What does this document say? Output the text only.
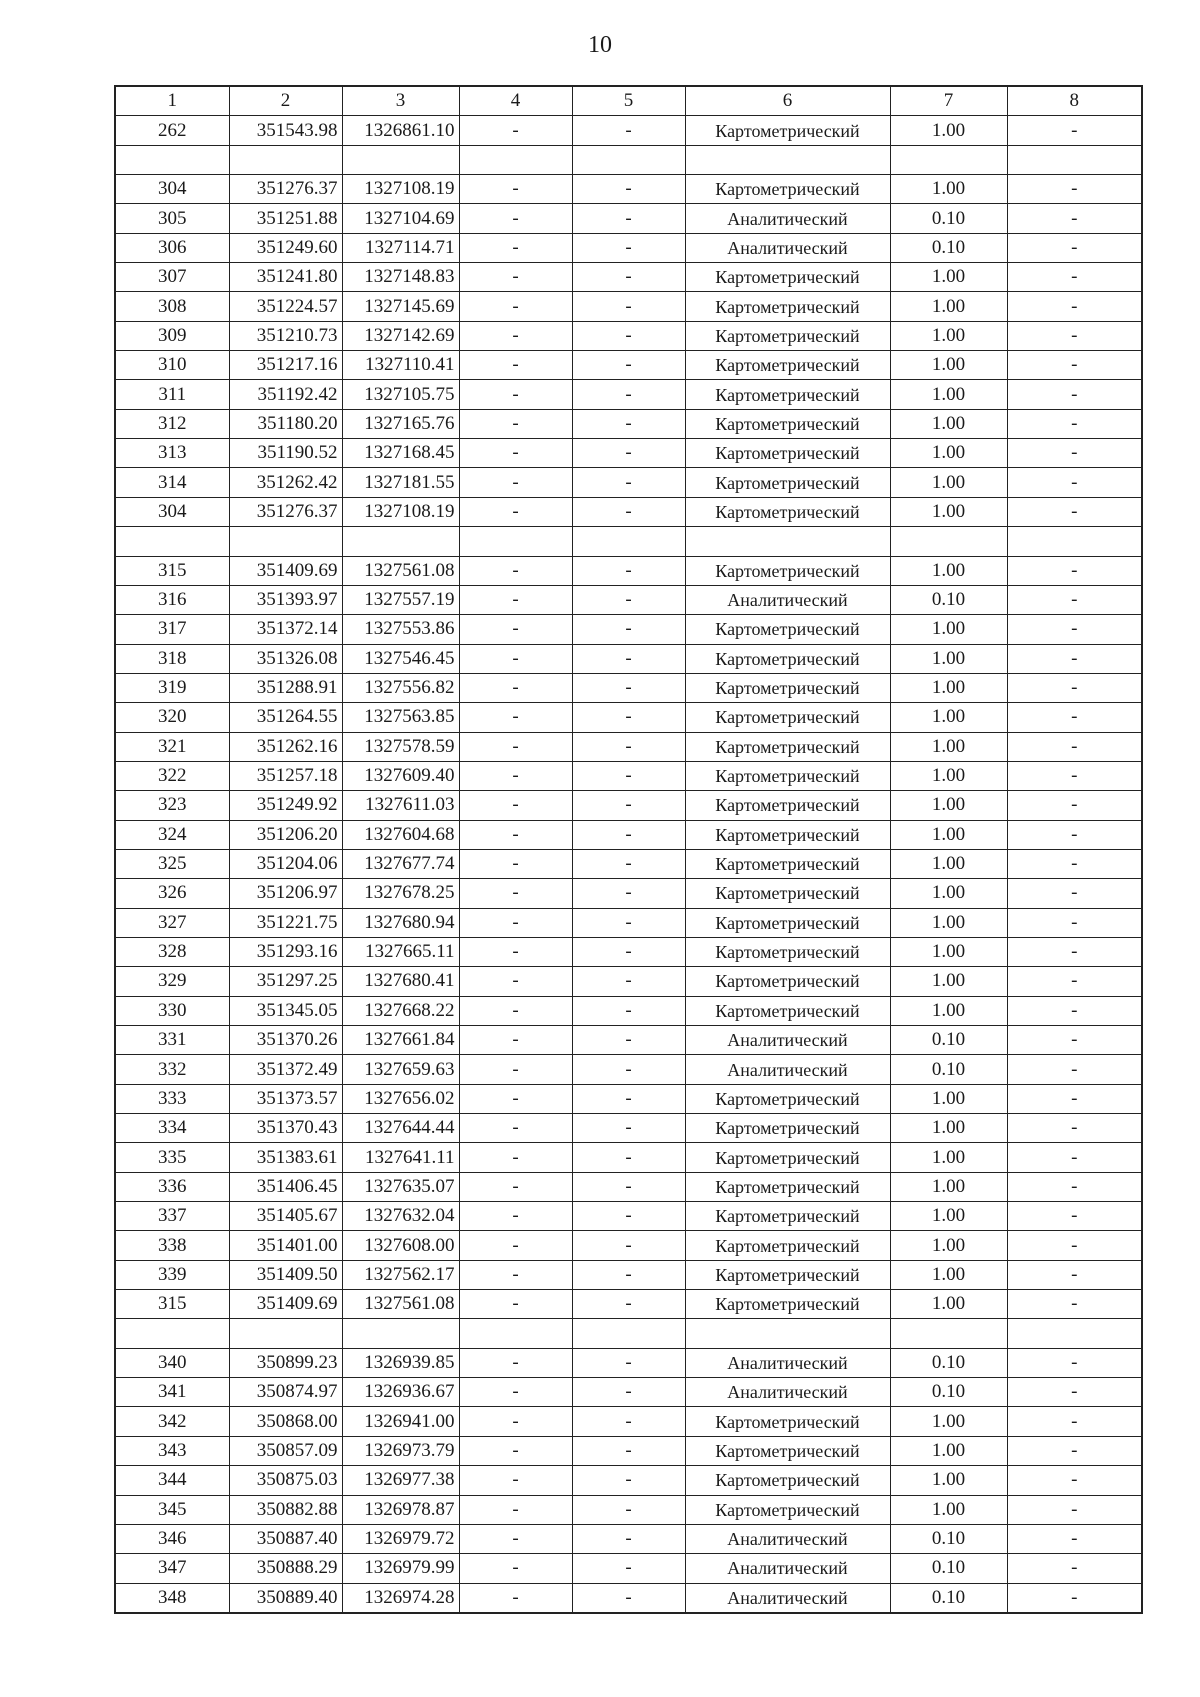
10
1	2	3	4	5	6	7	8
262	351543.98	1326861.10	-	-	Картометрический	1.00	-

304	351276.37	1327108.19	-	-	Картометрический	1.00	-
305	351251.88	1327104.69	-	-	Аналитический	0.10	-
306	351249.60	1327114.71	-	-	Аналитический	0.10	-
307	351241.80	1327148.83	-	-	Картометрический	1.00	-
308	351224.57	1327145.69	-	-	Картометрический	1.00	-
309	351210.73	1327142.69	-	-	Картометрический	1.00	-
310	351217.16	1327110.41	-	-	Картометрический	1.00	-
311	351192.42	1327105.75	-	-	Картометрический	1.00	-
312	351180.20	1327165.76	-	-	Картометрический	1.00	-
313	351190.52	1327168.45	-	-	Картометрический	1.00	-
314	351262.42	1327181.55	-	-	Картометрический	1.00	-
304	351276.37	1327108.19	-	-	Картометрический	1.00	-

315	351409.69	1327561.08	-	-	Картометрический	1.00	-
316	351393.97	1327557.19	-	-	Аналитический	0.10	-
317	351372.14	1327553.86	-	-	Картометрический	1.00	-
318	351326.08	1327546.45	-	-	Картометрический	1.00	-
319	351288.91	1327556.82	-	-	Картометрический	1.00	-
320	351264.55	1327563.85	-	-	Картометрический	1.00	-
321	351262.16	1327578.59	-	-	Картометрический	1.00	-
322	351257.18	1327609.40	-	-	Картометрический	1.00	-
323	351249.92	1327611.03	-	-	Картометрический	1.00	-
324	351206.20	1327604.68	-	-	Картометрический	1.00	-
325	351204.06	1327677.74	-	-	Картометрический	1.00	-
326	351206.97	1327678.25	-	-	Картометрический	1.00	-
327	351221.75	1327680.94	-	-	Картометрический	1.00	-
328	351293.16	1327665.11	-	-	Картометрический	1.00	-
329	351297.25	1327680.41	-	-	Картометрический	1.00	-
330	351345.05	1327668.22	-	-	Картометрический	1.00	-
331	351370.26	1327661.84	-	-	Аналитический	0.10	-
332	351372.49	1327659.63	-	-	Аналитический	0.10	-
333	351373.57	1327656.02	-	-	Картометрический	1.00	-
334	351370.43	1327644.44	-	-	Картометрический	1.00	-
335	351383.61	1327641.11	-	-	Картометрический	1.00	-
336	351406.45	1327635.07	-	-	Картометрический	1.00	-
337	351405.67	1327632.04	-	-	Картометрический	1.00	-
338	351401.00	1327608.00	-	-	Картометрический	1.00	-
339	351409.50	1327562.17	-	-	Картометрический	1.00	-
315	351409.69	1327561.08	-	-	Картометрический	1.00	-

340	350899.23	1326939.85	-	-	Аналитический	0.10	-
341	350874.97	1326936.67	-	-	Аналитический	0.10	-
342	350868.00	1326941.00	-	-	Картометрический	1.00	-
343	350857.09	1326973.79	-	-	Картометрический	1.00	-
344	350875.03	1326977.38	-	-	Картометрический	1.00	-
345	350882.88	1326978.87	-	-	Картометрический	1.00	-
346	350887.40	1326979.72	-	-	Аналитический	0.10	-
347	350888.29	1326979.99	-	-	Аналитический	0.10	-
348	350889.40	1326974.28	-	-	Аналитический	0.10	-
